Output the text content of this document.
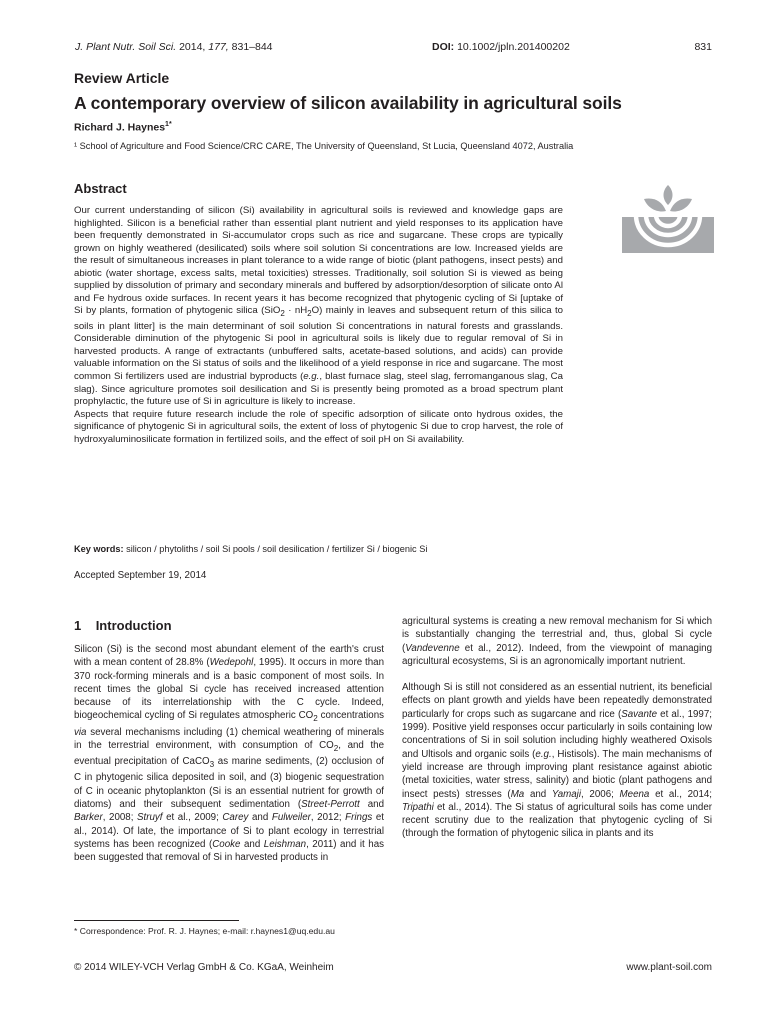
J. Plant Nutr. Soil Sci. 2014, 177, 831–844	DOI: 10.1002/jpln.201400202	831
Review Article
A contemporary overview of silicon availability in agricultural soils
Richard J. Haynes$^{1*}$
¹ School of Agriculture and Food Science/CRC CARE, The University of Queensland, St Lucia, Queensland 4072, Australia
Abstract

Our current understanding of silicon (Si) availability in agricultural soils is reviewed and knowledge gaps are highlighted. Silicon is a beneficial rather than essential plant nutrient and yield responses to its application have been frequently demonstrated in Si-accumulator crops such as rice and sugarcane. These crops are typically grown on highly weathered (desilicated) soils where soil solution Si concentrations are low. Increased yields are the result of simultaneous increases in plant tolerance to a wide range of biotic (plant pathogens, insect pests) and abiotic (water shortage, excess salts, metal toxicities) stresses. Traditionally, soil solution Si is viewed as being supplied by dissolution of primary and secondary minerals and buffered by adsorption/desorption of silicate onto Al and Fe hydrous oxide surfaces. In recent years it has become recognized that phytogenic cycling of Si [uptake of Si by plants, formation of phytogenic silica $(SiO_2 \cdot nH_2O)$ mainly in leaves and subsequent return of this silica to soils in plant litter] is the main determinant of soil solution Si concentrations in natural forests and grasslands. Considerable diminution of the phytogenic Si pool in agricultural soils is likely due to regular removal of Si in harvested products. A range of extractants (unbuffered salts, acetate-based solutions, and acids) can provide valuable information on the Si status of soils and the likelihood of a yield response in rice and sugarcane. The most common Si fertilizers used are industrial byproducts (e.g., blast furnace slag, steel slag, ferromanganous slag, Ca slag). Since agriculture promotes soil desilication and Si is presently being promoted as a broad spectrum plant prophylactic, the future use of Si in agriculture is likely to increase.

Aspects that require future research include the role of specific adsorption of silicate onto hydrous oxides, the significance of phytogenic Si in agricultural soils, the extent of loss of phytogenic Si due to crop harvest, the role of hydroxyaluminosilicate formation in fertilized soils, and the effect of soil pH on Si availability.

Key words: silicon / phytoliths / soil Si pools / soil desilication / fertilizer Si / biogenic Si
Accepted September 19, 2014
1 Introduction

Silicon (Si) is the second most abundant element of the earth's crust with a mean content of 28.8% (Wedepohl, 1995). It occurs in more than 370 rock-forming minerals and is a basic component of most soils. In recent times the global Si cycle has received increased attention because of its interrelationship with the C cycle. Indeed, biogeochemical cycling of Si regulates atmospheric $CO_2$ concentrations via several mechanisms including (1) chemical weathering of minerals in the terrestrial environment, with consumption of $CO_2$, and the eventual precipitation of CaCO$_3$ as marine sediments, (2) occlusion of C in phytogenic silica deposited in soil, and (3) biogenic sequestration of C in oceanic phytoplankton (Si is an essential nutrient for growth of diatoms) and their subsequent sedimentation (Street-Perrott and Barker, 2008; Struyf et al., 2009; Carey and Fulweiler, 2012; Frings et al., 2014). Of late, the importance of Si to plant ecology in terrestrial systems has been recognized (Cooke and Leishman, 2011) and it has been suggested that removal of Si in harvested products in

agricultural systems is creating a new removal mechanism for Si which is substantially changing the terrestrial and, thus, global Si cycle (Vandevenne et al., 2012). Indeed, from the viewpoint of managing agricultural ecosystems, Si is an agronomically important nutrient.

Although Si is still not considered as an essential nutrient, its beneficial effects on plant growth and yields have been repeatedly demonstrated particularly for crops such as sugarcane and rice (Savante et al., 1997; 1999). Positive yield responses occur particularly in soils containing low concentrations of Si in soil solution including highly weathered Oxisols and Ultisols and organic soils (e.g., Histisols). The main mechanisms of yield increase are through improving plant resistance against abiotic (metal toxicities, water stress, salinity) and biotic (plant pathogens and insect pests) stresses (Ma and Yamaji, 2006; Meena et al., 2014; Tripathi et al., 2014). The Si status of agricultural soils has come under recent scrutiny due to the realization that phytogenic cycling of Si (through the formation of phytogenic silica in plants and its

* Correspondence: Prof. R. J. Haynes; e-mail: r.haynes1@uq.edu.au
© 2014 WILEY-VCH Verlag GmbH & Co. KGaA, Weinheim	www.plant-soil.com
